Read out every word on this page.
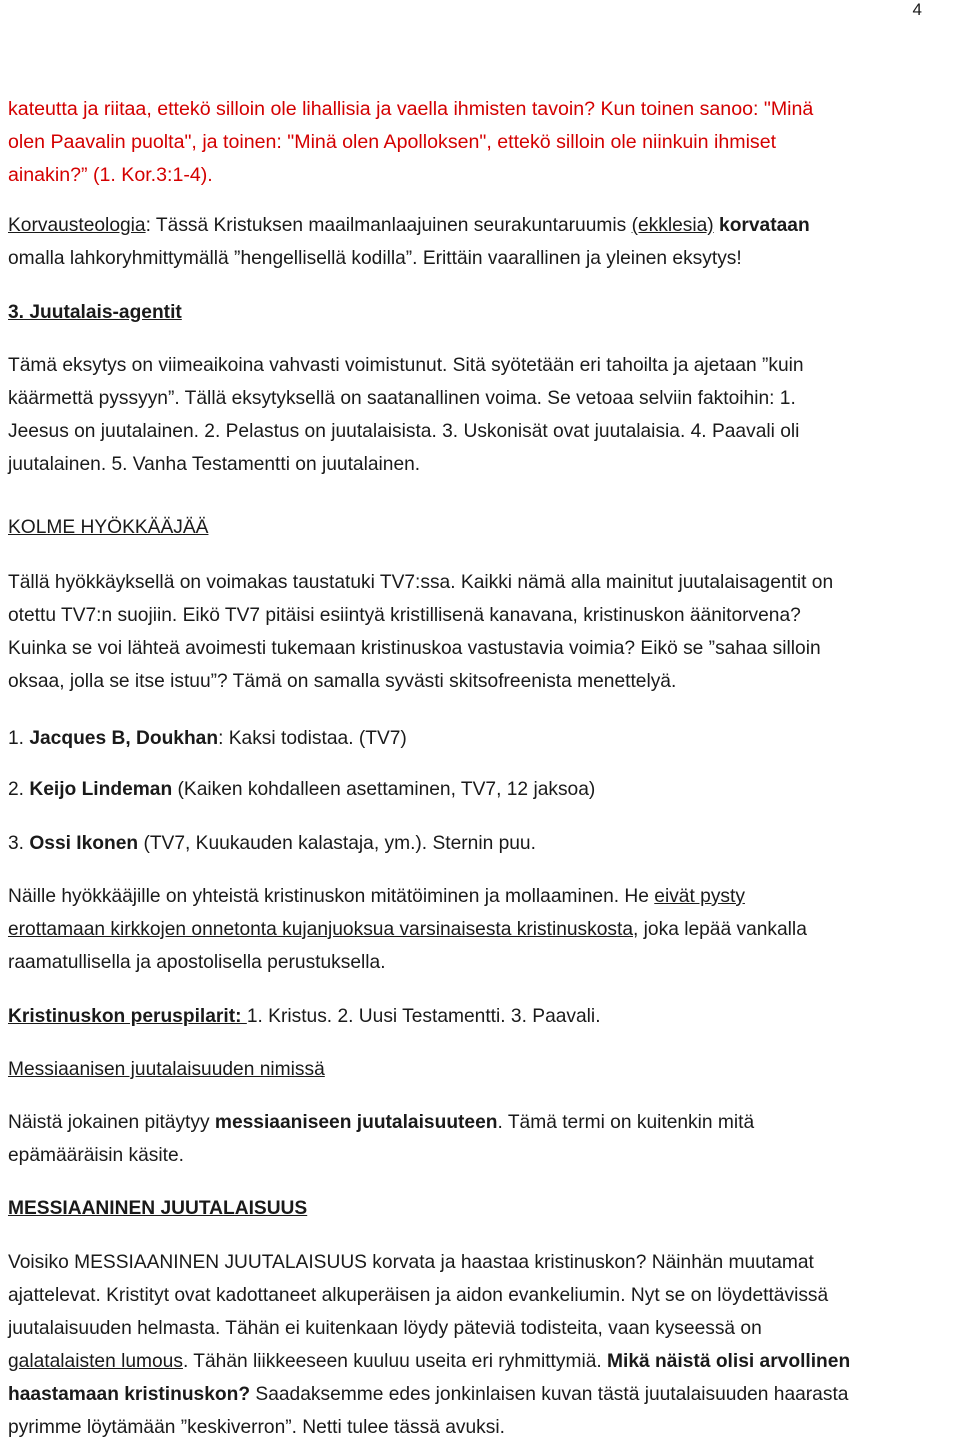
4
kateutta ja riitaa, ettekö silloin ole lihallisia ja vaella ihmisten tavoin? Kun toinen sanoo: "Minä
olen Paavalin puolta", ja toinen: "Minä olen Apolloksen", ettekö silloin ole niinkuin ihmiset
ainakin?” (1. Kor.3:1-4).
Korvausteologia: Tässä Kristuksen maailmanlaajuinen seurakuntaruumis (ekklesia) korvataan
omalla lahkoryhmittymällä ”hengellisellä kodilla”. Erittäin vaarallinen ja yleinen eksytys!
3. Juutalais-agentit
Tämä eksytys on viimeaikoina vahvasti voimistunut. Sitä syötetään eri tahoilta ja ajetaan ”kuin
käärmettä pyssyyn”. Tällä eksytyksellä on saatanallinen voima. Se vetoaa selviin faktoihin: 1.
Jeesus on juutalainen. 2. Pelastus on juutalaisista. 3. Uskonisät ovat juutalaisia. 4. Paavali oli
juutalainen. 5. Vanha Testamentti on juutalainen.
KOLME HYÖKKÄÄJÄÄ
Tällä hyökkäyksellä on voimakas taustatuki TV7:ssa. Kaikki nämä alla mainitut juutalaisagentit on
otettu TV7:n suojiin. Eikö TV7 pitäisi esiintyä kristillisenä kanavana, kristinuskon äänitorvena?
Kuinka se voi lähteä avoimesti tukemaan kristinuskoa vastustavia voimia? Eikö se ”sahaa silloin
oksaa, jolla se itse istuu”? Tämä on samalla syvästi skitsofreenista menettelyä.
1. Jacques B, Doukhan: Kaksi todistaa. (TV7)
2. Keijo Lindeman (Kaiken kohdalleen asettaminen, TV7, 12 jaksoa)
3. Ossi Ikonen (TV7, Kuukauden kalastaja, ym.). Sternin puu.
Näille hyökkääjille on yhteistä kristinuskon mitätöiminen ja mollaaminen. He eivät pysty
erottamaan kirkkojen onnetonta kujanjuoksua varsinaisesta kristinuskosta, joka lepää vankalla
raamatullisella ja apostolisella perustuksella.
Kristinuskon peruspilarit: 1. Kristus. 2. Uusi Testamentti. 3. Paavali.
Messiaanisen juutalaisuuden nimissä
Näistä jokainen pitäytyy messiaaniseen juutalaisuuteen. Tämä termi on kuitenkin mitä
epämääräisin käsite.
MESSIAANINEN JUUTALAISUUS
Voisiko MESSIAANINEN JUUTALAISUUS korvata ja haastaa kristinuskon? Näinhän muutamat
ajattelevat. Kristityt ovat kadottaneet alkuperäisen ja aidon evankeliumin. Nyt se on löydettävissä
juutalaisuuden helmasta. Tähän ei kuitenkaan löydy päteviä todisteita, vaan kyseessä on
galatalaisten lumous. Tähän liikkeeseen kuuluu useita eri ryhmittymiä. Mikä näistä olisi arvollinen
haastamaan kristinuskon? Saadaksemme edes jonkinlaisen kuvan tästä juutalaisuuden haarasta
pyrimme löytämään ”keskiverron”. Netti tulee tässä avuksi.
